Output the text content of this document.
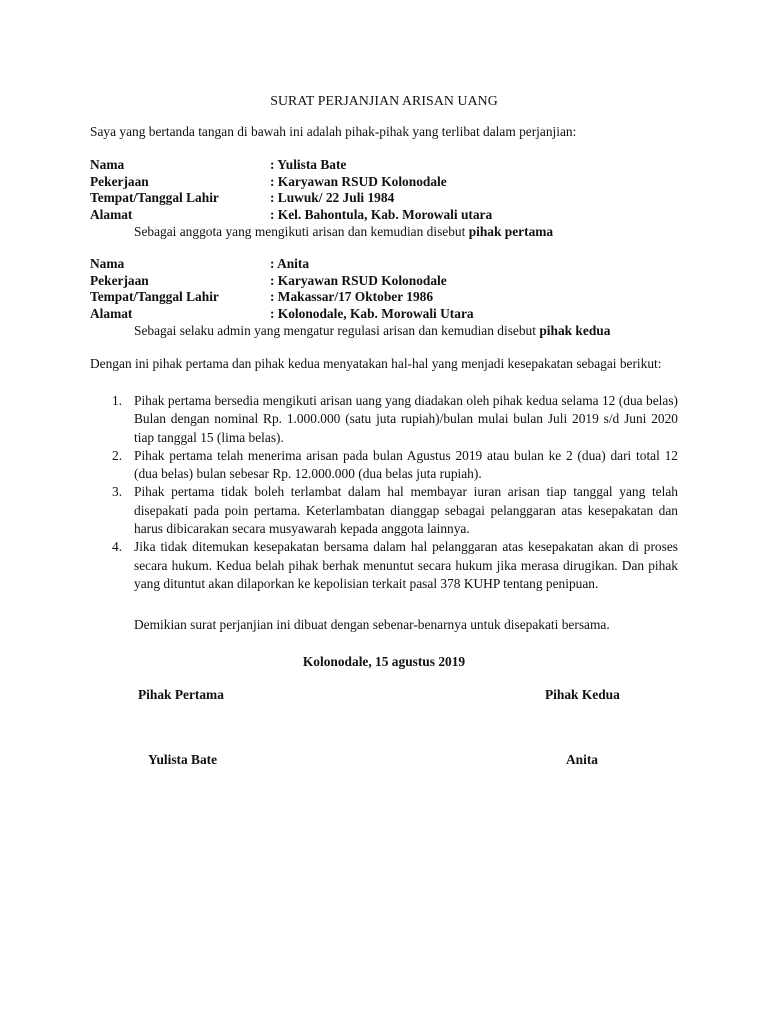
SURAT PERJANJIAN ARISAN UANG
Saya yang bertanda tangan di bawah ini adalah pihak-pihak yang terlibat dalam perjanjian:
Nama	: Yulista Bate
Pekerjaan	: Karyawan RSUD Kolonodale
Tempat/Tanggal Lahir	: Luwuk/ 22 Juli 1984
Alamat	: Kel. Bahontula, Kab. Morowali utara
Sebagai anggota yang mengikuti arisan dan kemudian disebut pihak pertama
Nama	: Anita
Pekerjaan	: Karyawan RSUD Kolonodale
Tempat/Tanggal Lahir	: Makassar/17 Oktober 1986
Alamat	: Kolonodale, Kab. Morowali Utara
Sebagai selaku admin yang mengatur regulasi arisan dan kemudian disebut pihak kedua
Dengan ini pihak pertama dan pihak kedua menyatakan hal-hal yang menjadi kesepakatan sebagai berikut:
1. Pihak pertama bersedia mengikuti arisan uang yang diadakan oleh pihak kedua selama 12 (dua belas) Bulan dengan nominal Rp. 1.000.000 (satu juta rupiah)/bulan mulai bulan Juli 2019 s/d Juni 2020 tiap tanggal 15 (lima belas).
2. Pihak pertama telah menerima arisan pada bulan Agustus 2019 atau bulan ke 2 (dua) dari total 12 (dua belas) bulan sebesar Rp. 12.000.000 (dua belas juta rupiah).
3. Pihak pertama tidak boleh terlambat dalam hal membayar iuran arisan tiap tanggal yang telah disepakati pada poin pertama. Keterlambatan dianggap sebagai pelanggaran atas kesepakatan dan harus dibicarakan secara musyawarah kepada anggota lainnya.
4. Jika tidak ditemukan kesepakatan bersama dalam hal pelanggaran atas kesepakatan akan di proses secara hukum. Kedua belah pihak berhak menuntut secara hukum jika merasa dirugikan. Dan pihak yang dituntut akan dilaporkan ke kepolisian terkait pasal 378 KUHP tentang penipuan.
Demikian surat perjanjian ini dibuat dengan sebenar-benarnya untuk disepakati bersama.
Kolonodale, 15 agustus 2019
Pihak Pertama	Pihak Kedua
Yulista Bate	Anita
